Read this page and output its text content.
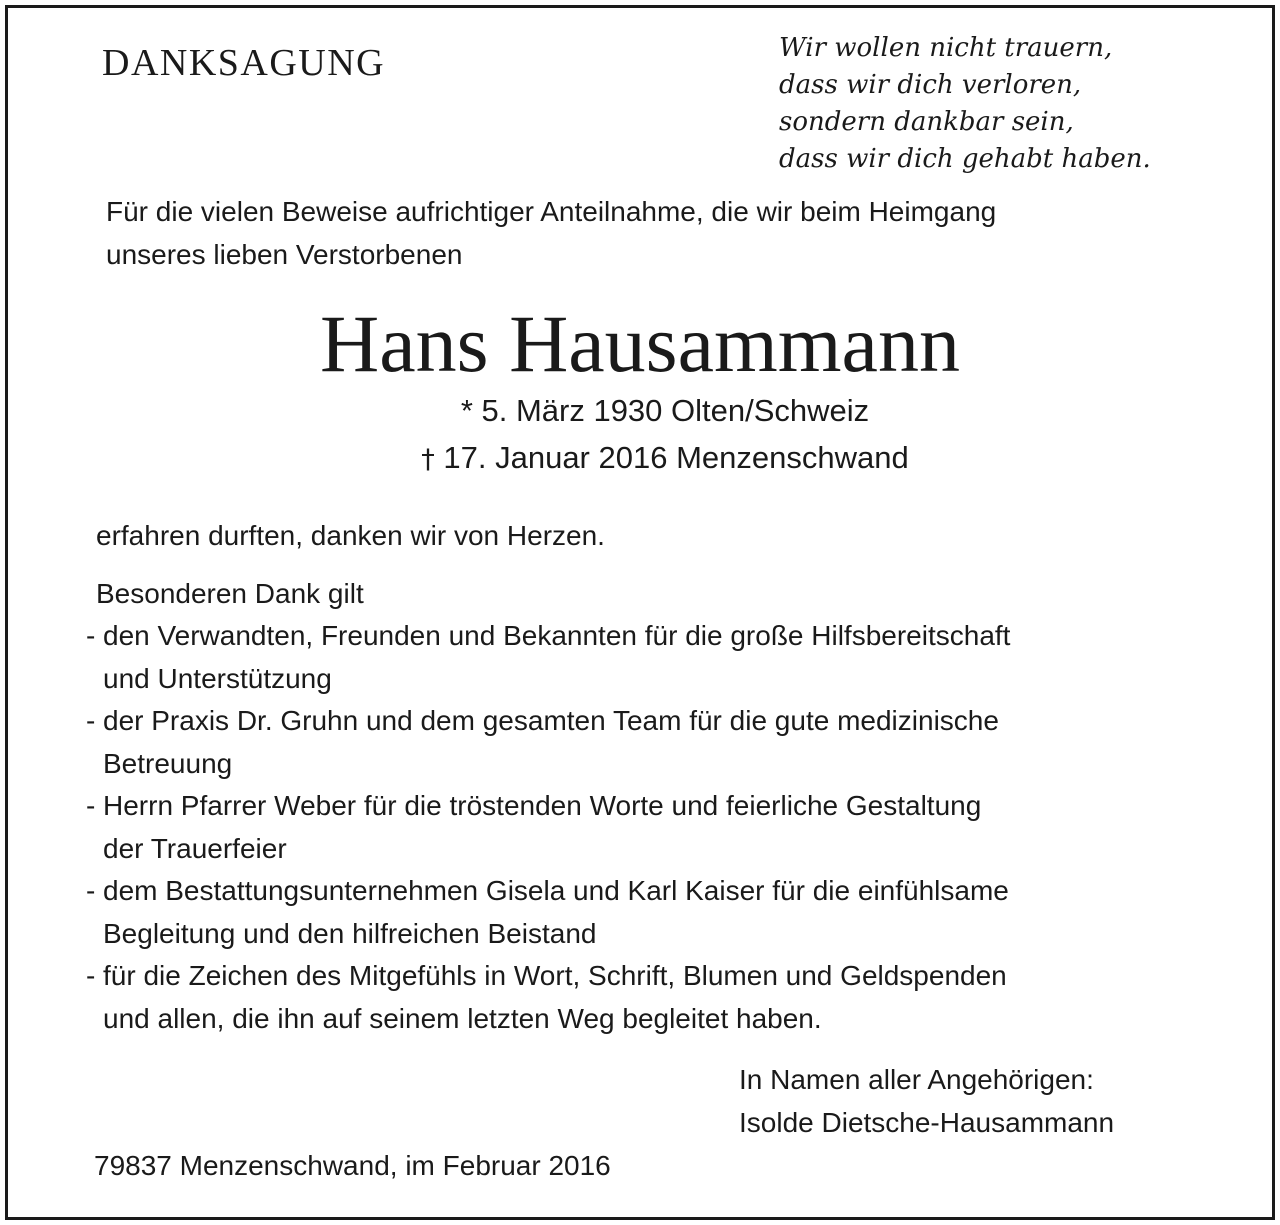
DANKSAGUNG	Wir wollen nicht trauern,
dass wir dich verloren,
sondern dankbar sein,
dass wir dich gehabt haben.

Für die vielen Beweise aufrichtiger Anteilnahme, die wir beim Heimgang
unseres lieben Verstorbenen

Hans Hausammann
* 5. März 1930 Olten/Schweiz
† 17. Januar 2016 Menzenschwand

erfahren durften, danken wir von Herzen.

Besonderen Dank gilt

- den Verwandten, Freunden und Bekannten für die große Hilfsbereitschaft
und Unterstützung
- der Praxis Dr. Gruhn und dem gesamten Team für die gute medizinische
Betreuung
- Herrn Pfarrer Weber für die tröstenden Worte und feierliche Gestaltung
der Trauerfeier
- dem Bestattungsunternehmen Gisela und Karl Kaiser für die einfühlsame
Begleitung und den hilfreichen Beistand
- für die Zeichen des Mitgefühls in Wort, Schrift, Blumen und Geldspenden
und allen, die ihn auf seinem letzten Weg begleitet haben.
In Namen aller Angehörigen:
Isolde Dietsche-Hausammann
79837 Menzenschwand, im Februar 2016
